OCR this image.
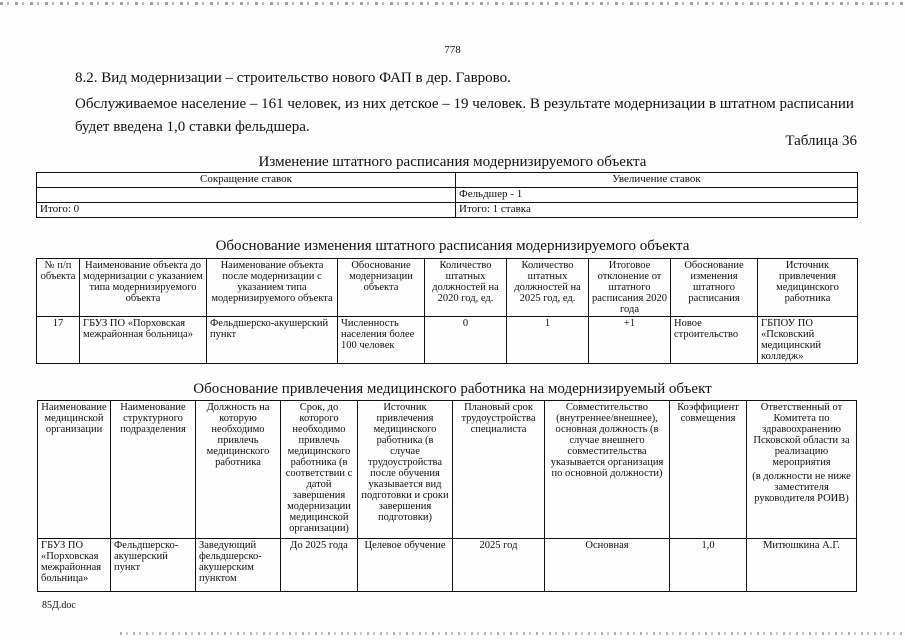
778
8.2. Вид модернизации – строительство нового ФАП в дер. Гаврово.
Обслуживаемое население – 161 человек, из них детское – 19 человек. В результате модернизации в штатном расписании будет введена 1,0 ставки фельдшера.
Таблица 36
Изменение штатного расписания модернизируемого объекта
Сокращение ставок	Увеличение ставок
	Фельдшер - 1
Итого: 0	Итого: 1 ставка
Обоснование изменения штатного расписания модернизируемого объекта
№ п/п объекта	Наименование объекта до модернизации с указанием типа модернизируемого объекта	Наименование объекта после модернизации с указанием типа модернизируемого объекта	Обоснование модернизации объекта	Количество штатных должностей на 2020 год, ед.	Количество штатных должностей на 2025 год, ед.	Итоговое отклонение от штатного расписания 2020 года	Обоснование изменения штатного расписания	Источник привлечения медицинского работника
17	ГБУЗ ПО «Порховская межрайонная больница»	Фельдшерско-акушерский пункт	Численность населения более 100 человек	0	1	+1	Новое строительство	ГБПОУ ПО «Псковский медицинский колледж»
Обоснование привлечения медицинского работника на модернизируемый объект
Наименование медицинской организации	Наименование структурного подразделения	Должность на которую необходимо привлечь медицинского работника	Срок, до которого необходимо привлечь медицинского работника (в соответствии с датой завершения модернизации медицинской организации)	Источник привлечения медицинского работника (в случае трудоустройства после обучения указывается вид подготовки и сроки завершения подготовки)	Плановый срок трудоустройства специалиста	Совместительство (внутреннее/внешнее), основная должность (в случае внешнего совместительства указывается организация по основной должности)	Коэффициент совмещения	Ответственный от Комитета по здравоохранению Псковской области за реализацию мероприятия
(в должности не ниже заместителя руководителя РОИВ)

ГБУЗ ПО «Порховская межрайонная больница»	Фельдшерско-акушерский пункт	Заведующий фельдшерско-акушерским пунктом	До 2025 года	Целевое обучение	2025 год	Основная	1,0	Митюшкина А.Г.
85Д.doc
